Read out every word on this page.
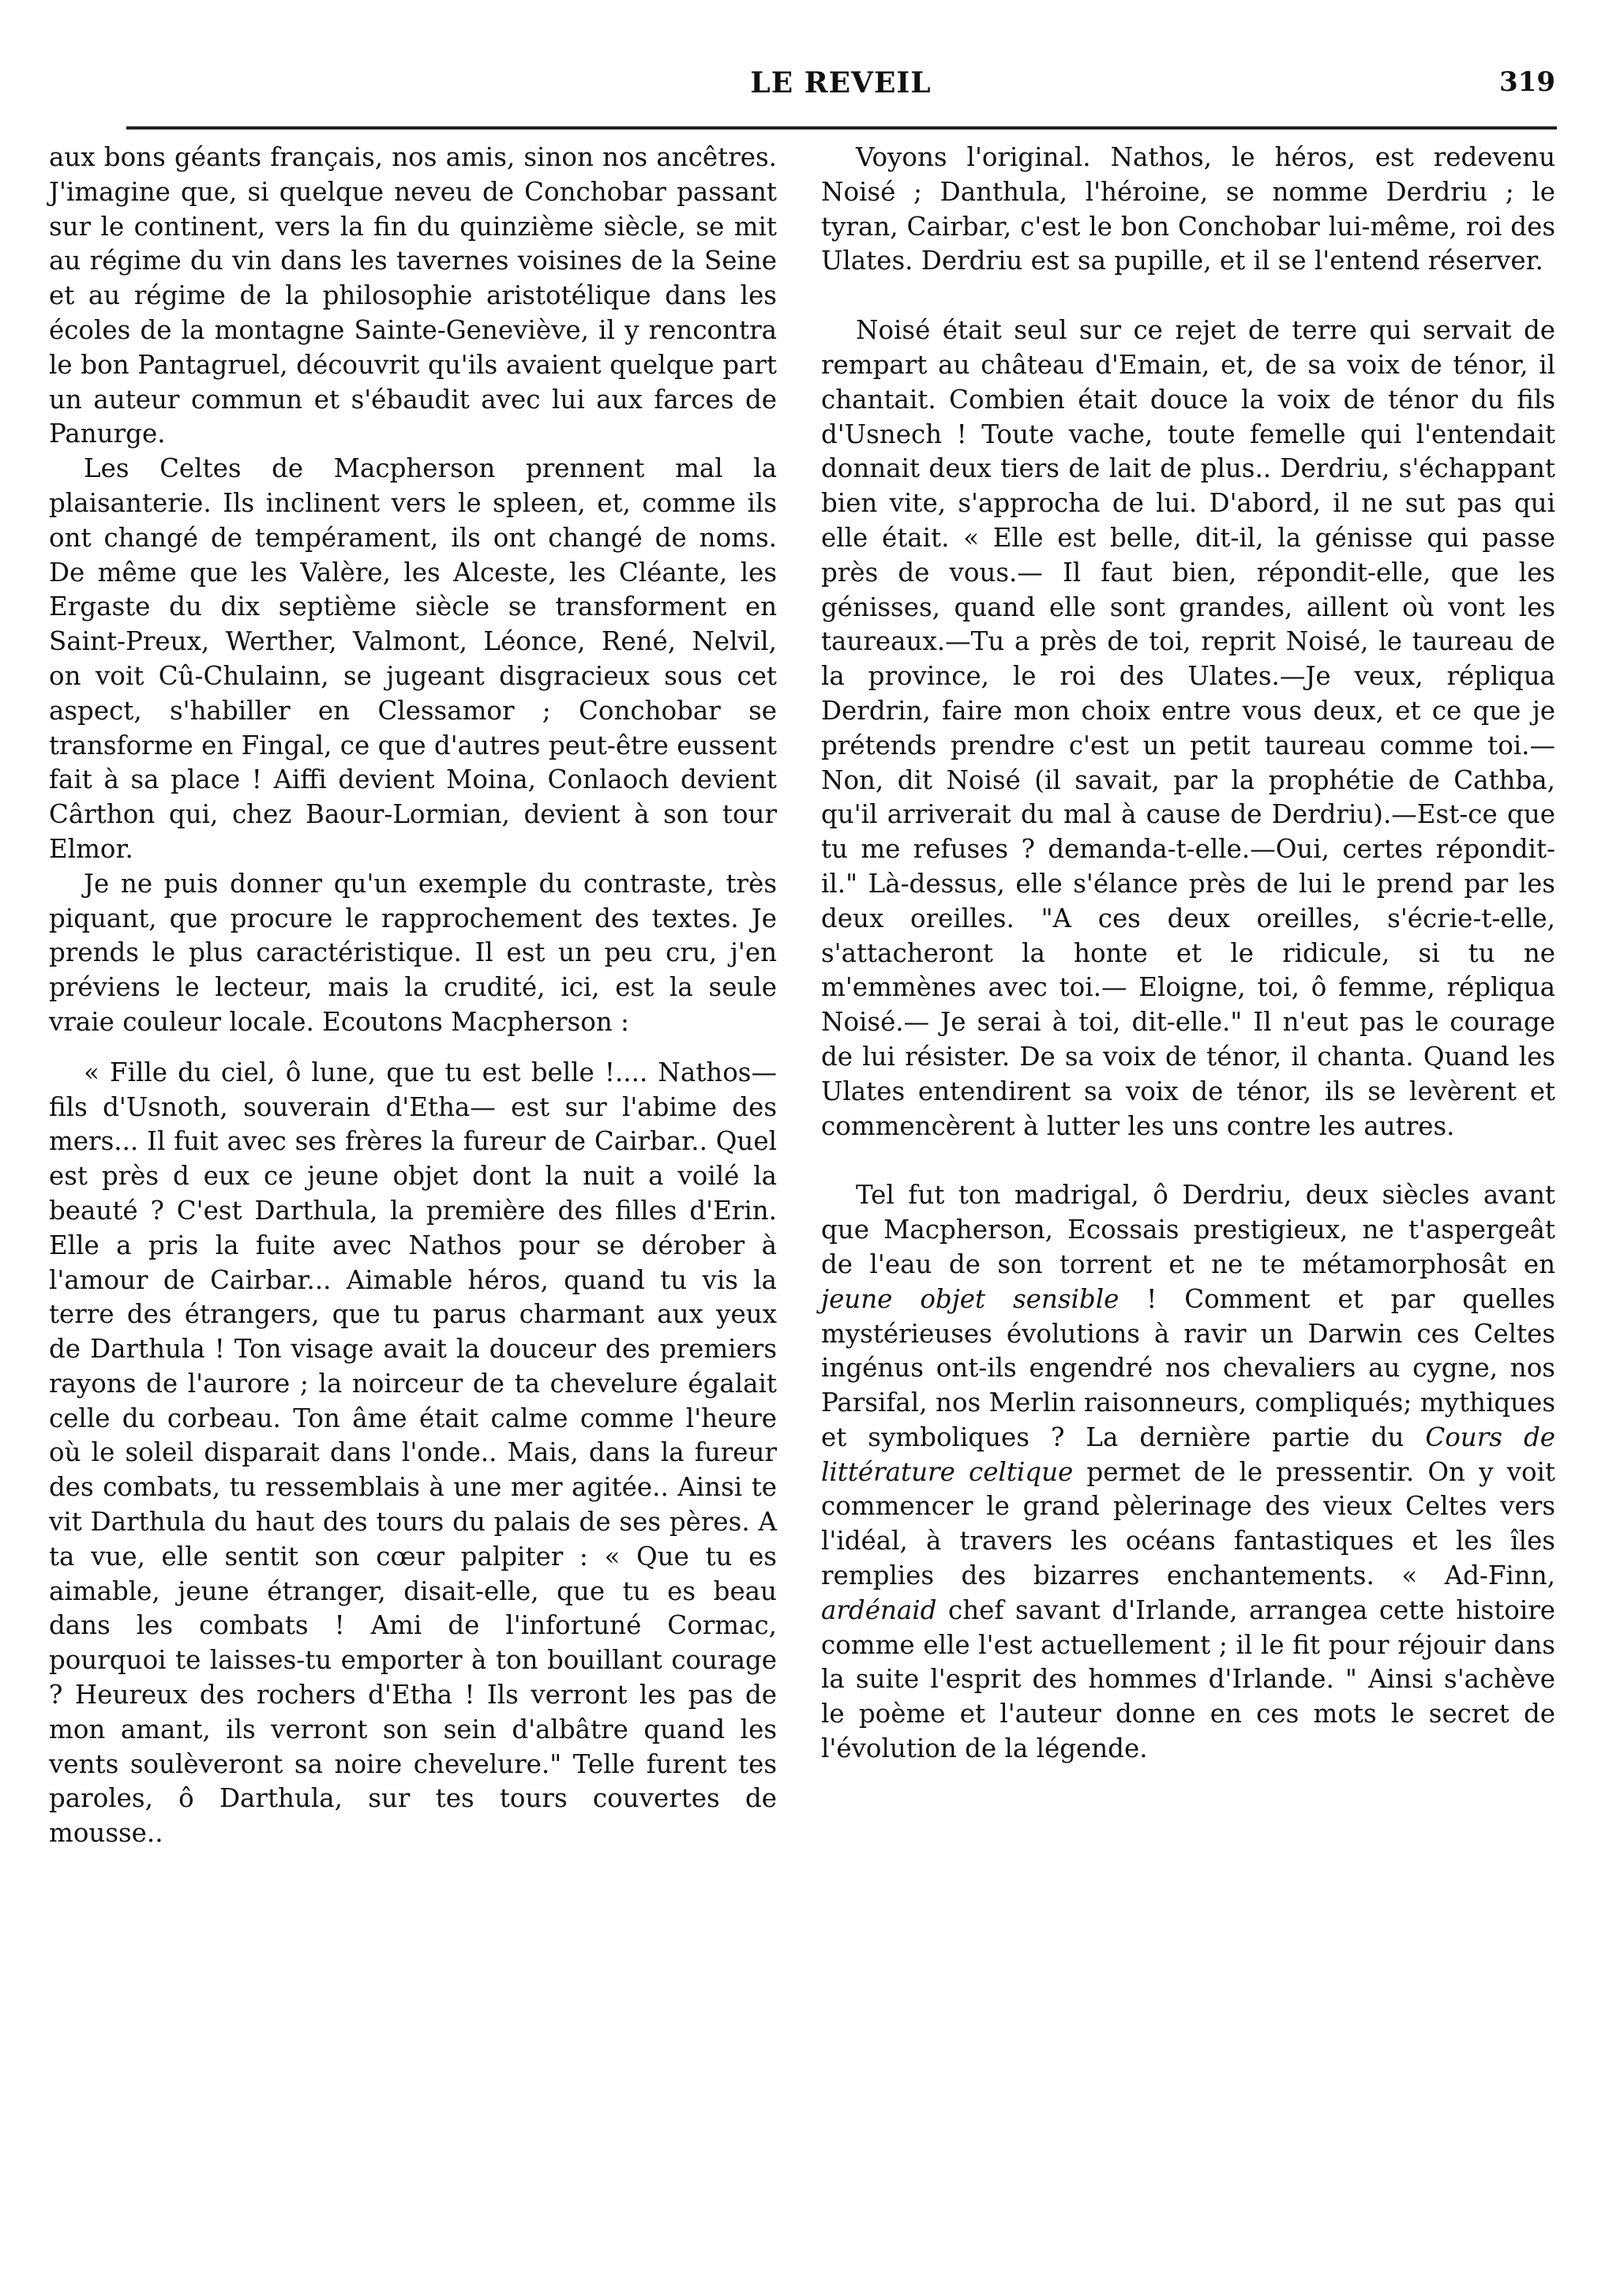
LE REVEIL	319

aux bons géants français, nos amis, sinon nos ancêtres. J'imagine que, si quelque neveu de Conchobar passant sur le continent, vers la fin du quinzième siècle, se mit au régime du vin dans les tavernes voisines de la Seine et au régime de la philosophie aristotélique dans les écoles de la montagne Sainte-Geneviève, il y rencontra le bon Pantagruel, découvrit qu'ils avaient quelque part un auteur commun et s'ébaudit avec lui aux farces de Panurge.

Les Celtes de Macpherson prennent mal la plaisanterie. Ils inclinent vers le spleen, et, comme ils ont changé de tempérament, ils ont changé de noms. De même que les Valère, les Alceste, les Cléante, les Ergaste du dix septième siècle se transforment en Saint-Preux, Werther, Valmont, Léonce, René, Nelvil, on voit Cû-Chulainn, se jugeant disgracieux sous cet aspect, s'habiller en Clessamor ; Conchobar se transforme en Fingal, ce que d'autres peut-être eussent fait à sa place ! Aiffi devient Moina, Conlaoch devient Cârthon qui, chez Baour-Lormian, devient à son tour Elmor.

Je ne puis donner qu'un exemple du contraste, très piquant, que procure le rapprochement des textes. Je prends le plus caractéristique. Il est un peu cru, j'en préviens le lecteur, mais la crudité, ici, est la seule vraie couleur locale. Ecoutons Macpherson :

« Fille du ciel, ô lune, que tu est belle !.... Nathos—fils d'Usnoth, souverain d'Etha— est sur l'abime des mers... Il fuit avec ses frères la fureur de Cairbar.. Quel est près d eux ce jeune objet dont la nuit a voilé la beauté ? C'est Darthula, la première des filles d'Erin. Elle a pris la fuite avec Nathos pour se dérober à l'amour de Cairbar... Aimable héros, quand tu vis la terre des étrangers, que tu parus charmant aux yeux de Darthula ! Ton visage avait la douceur des premiers rayons de l'aurore ; la noirceur de ta chevelure égalait celle du corbeau. Ton âme était calme comme l'heure où le soleil disparait dans l'onde.. Mais, dans la fureur des combats, tu ressemblais à une mer agitée.. Ainsi te vit Darthula du haut des tours du palais de ses pères. A ta vue, elle sentit son cœur palpiter : « Que tu es aimable, jeune étranger, disait-elle, que tu es beau dans les combats ! Ami de l'infortuné Cormac, pourquoi te laisses-tu emporter à ton bouillant courage ? Heureux des rochers d'Etha ! Ils verront les pas de mon amant, ils verront son sein d'albâtre quand les vents soulèveront sa noire chevelure." Telle furent tes paroles, ô Darthula, sur tes tours couvertes de mousse..

Voyons l'original. Nathos, le héros, est redevenu Noisé ; Danthula, l'héroine, se nomme Derdriu ; le tyran, Cairbar, c'est le bon Conchobar lui-même, roi des Ulates. Derdriu est sa pupille, et il se l'entend réserver.

Noisé était seul sur ce rejet de terre qui servait de rempart au château d'Emain, et, de sa voix de ténor, il chantait. Combien était douce la voix de ténor du fils d'Usnech ! Toute vache, toute femelle qui l'entendait donnait deux tiers de lait de plus.. Derdriu, s'échappant bien vite, s'approcha de lui. D'abord, il ne sut pas qui elle était. « Elle est belle, dit-il, la génisse qui passe près de vous.— Il faut bien, répondit-elle, que les génisses, quand elle sont grandes, aillent où vont les taureaux.—Tu a près de toi, reprit Noisé, le taureau de la province, le roi des Ulates.—Je veux, répliqua Derdrin, faire mon choix entre vous deux, et ce que je prétends prendre c'est un petit taureau comme toi.—Non, dit Noisé (il savait, par la prophétie de Cathba, qu'il arriverait du mal à cause de Derdriu).—Est-ce que tu me refuses ? demanda-t-elle.—Oui, certes répondit-il." Là-dessus, elle s'élance près de lui le prend par les deux oreilles. "A ces deux oreilles, s'écrie-t-elle, s'attacheront la honte et le ridicule, si tu ne m'emmènes avec toi.— Eloigne, toi, ô femme, répliqua Noisé.— Je serai à toi, dit-elle." Il n'eut pas le courage de lui résister. De sa voix de ténor, il chanta. Quand les Ulates entendirent sa voix de ténor, ils se levèrent et commencèrent à lutter les uns contre les autres.

Tel fut ton madrigal, ô Derdriu, deux siècles avant que Macpherson, Ecossais prestigieux, ne t'aspergeât de l'eau de son torrent et ne te métamorphosât en jeune objet sensible ! Comment et par quelles mystérieuses évolutions à ravir un Darwin ces Celtes ingénus ont-ils engendré nos chevaliers au cygne, nos Parsifal, nos Merlin raisonneurs, compliqués; mythiques et symboliques ? La dernière partie du Cours de littérature celtique permet de le pressentir. On y voit commencer le grand pèlerinage des vieux Celtes vers l'idéal, à travers les océans fantastiques et les îles remplies des bizarres enchantements. « Ad-Finn, ardénaid chef savant d'Irlande, arrangea cette histoire comme elle l'est actuellement ; il le fit pour réjouir dans la suite l'esprit des hommes d'Irlande. " Ainsi s'achève le poème et l'auteur donne en ces mots le secret de l'évolution de la légende.
